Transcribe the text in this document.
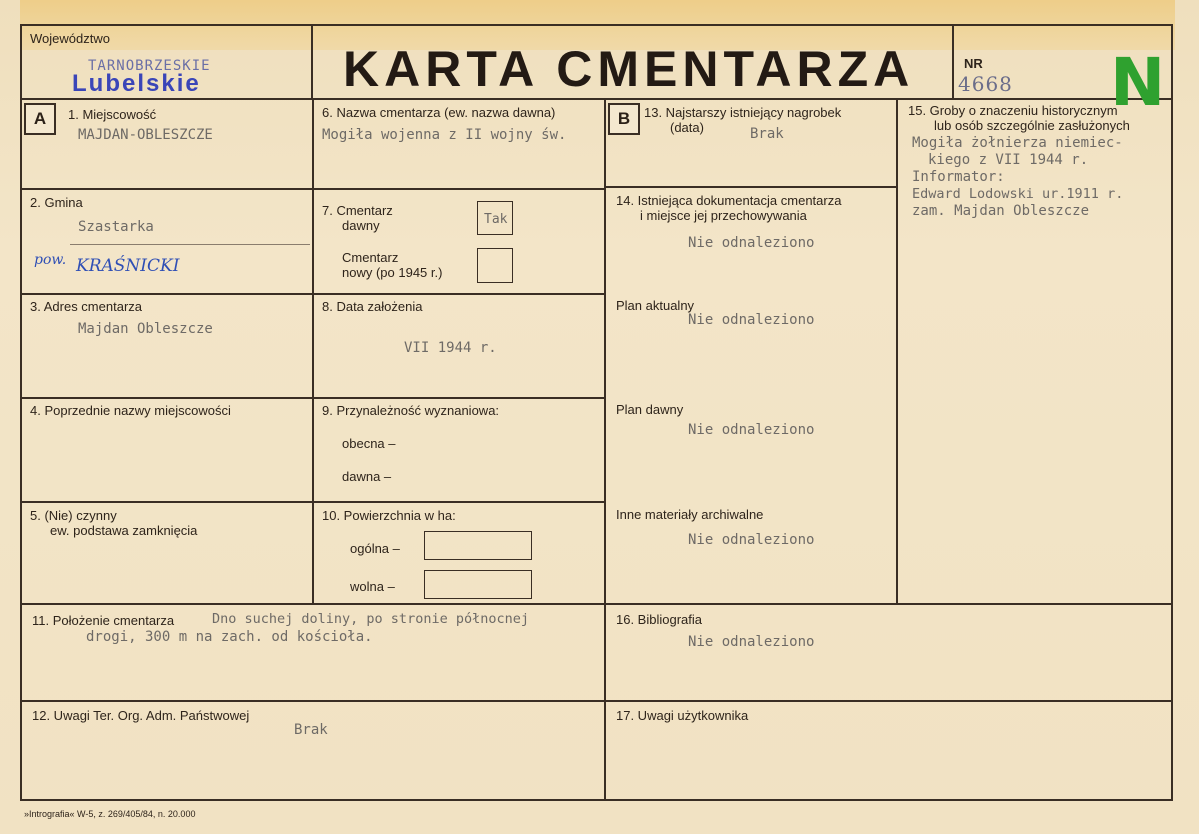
Województwo
TARNOBRZESKIE
Lubelskie	KARTA CMENTARZA	NR
4668 N
A	B
1. Miejscowość
MAJDAN-OBLESZCZE
2. Gmina
Szastarka
pow. KRAŚNICKI
3. Adres cmentarza
Majdan Obleszcze
4. Poprzednie nazwy miejscowości
5. (Nie) czynny
ew. podstawa zamknięcia
6. Nazwa cmentarza (ew. nazwa dawna)
Mogiła wojenna z II wojny św.
7. Cmentarz
dawny	Tak
Cmentarz
nowy (po 1945 r.)
8. Data założenia
VII 1944 r.
9. Przynależność wyznaniowa:
obecna –
dawna –
10. Powierzchnia w ha:
ogólna –
wolna –
13. Najstarszy istniejący nagrobek
(data)	Brak
14. Istniejąca dokumentacja cmentarza
i miejsce jej przechowywania
Nie odnaleziono
Plan aktualny
Nie odnaleziono
Plan dawny
Nie odnaleziono
Inne materiały archiwalne
Nie odnaleziono
15. Groby o znaczeniu historycznym
lub osób szczególnie zasłużonych
Mogiła żołnierza niemiec-
kiego z VII 1944 r.
Informator:
Edward Lodowski ur.1911 r.
zam. Majdan Obleszcze
11. Położenie cmentarza	Dno suchej doliny, po stronie północnej
drogi, 300 m na zach. od kościoła.
16. Bibliografia
Nie odnaleziono
12. Uwagi Ter. Org. Adm. Państwowej
Brak
17. Uwagi użytkownika
»Intrografia« W-5, z. 269/405/84, n. 20.000
